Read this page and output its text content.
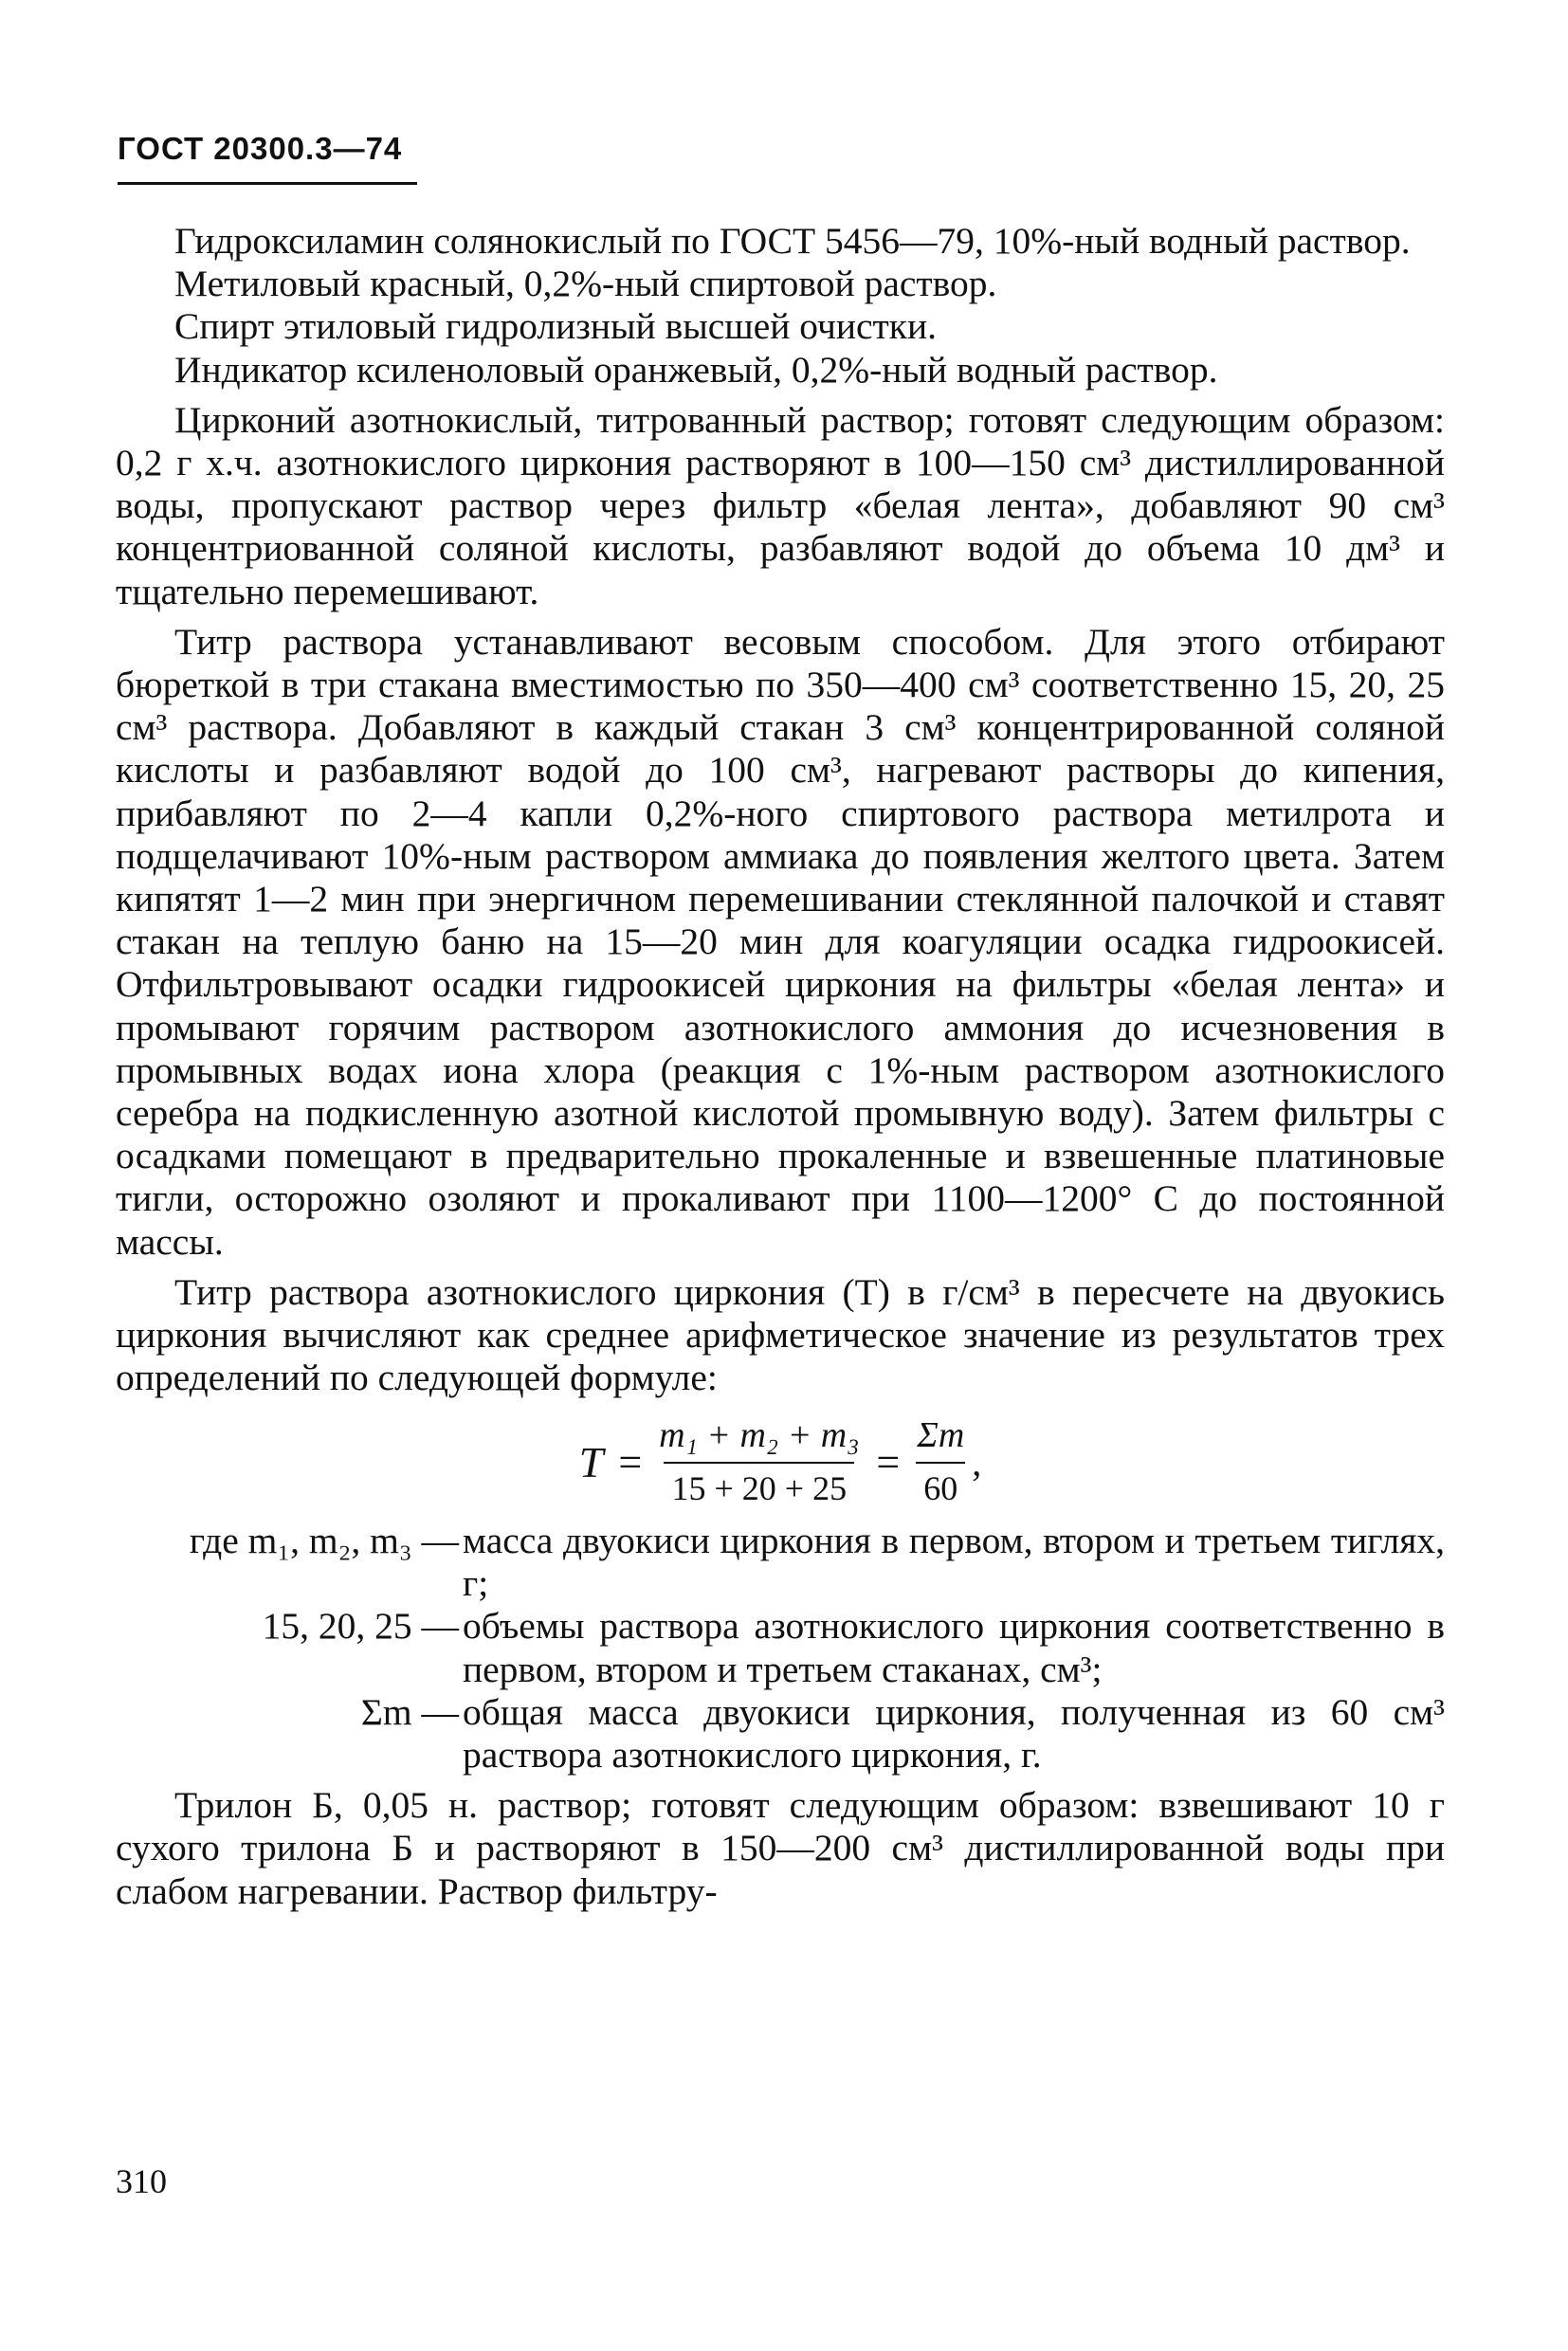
ГОСТ 20300.3—74

Гидроксиламин солянокислый по ГОСТ 5456—79, 10%-ный водный раствор.

Метиловый красный, 0,2%-ный спиртовой раствор.

Спирт этиловый гидролизный высшей очистки.

Индикатор ксиленоловый оранжевый, 0,2%-ный водный раствор.

Цирконий азотнокислый, титрованный раствор; готовят следующим образом: 0,2 г х.ч. азотнокислого циркония растворяют в 100—150 см³ дистиллированной воды, пропускают раствор через фильтр «белая лента», добавляют 90 см³ концентриованной соляной кислоты, разбавляют водой до объема 10 дм³ и тщательно перемешивают.

Титр раствора устанавливают весовым способом. Для этого отбирают бюреткой в три стакана вместимостью по 350—400 см³ соответственно 15, 20, 25 см³ раствора. Добавляют в каждый стакан 3 см³ концентрированной соляной кислоты и разбавляют водой до 100 см³, нагревают растворы до кипения, прибавляют по 2—4 капли 0,2%-ного спиртового раствора метилрота и подщелачивают 10%-ным раствором аммиака до появления желтого цвета. Затем кипятят 1—2 мин при энергичном перемешивании стеклянной палочкой и ставят стакан на теплую баню на 15—20 мин для коагуляции осадка гидроокисей. Отфильтровывают осадки гидроокисей циркония на фильтры «белая лента» и промывают горячим раствором азотнокислого аммония до исчезновения в промывных водах иона хлора (реакция с 1%-ным раствором азотнокислого серебра на подкисленную азотной кислотой промывную воду). Затем фильтры с осадками помещают в предварительно прокаленные и взвешенные платиновые тигли, осторожно озоляют и прокаливают при 1100—1200° С до постоянной массы.

Титр раствора азотнокислого циркония (T) в г/см³ в пересчете на двуокись циркония вычисляют как среднее арифметическое значение из результатов трех определений по следующей формуле:

$T = \frac{\text{m₁ + m₂ + m₃}}{15 + 20 + 25} = \frac{\Sigma m}{60}$ ,
где m₁, m₂, m₃ — масса двуокиси циркония в первом, втором и третьем тиглях, г;
15, 20, 25 — объемы раствора азотнокислого циркония соответственно в первом, втором и третьем стаканах, см³;
Σm — общая масса двуокиси циркония, полученная из 60 см³ раствора азотнокислого циркония, г.

Трилон Б, 0,05 н. раствор; готовят следующим образом: взвешивают 10 г сухого трилона Б и растворяют в 150—200 см³ дистиллированной воды при слабом нагревании. Раствор фильтру-

310
